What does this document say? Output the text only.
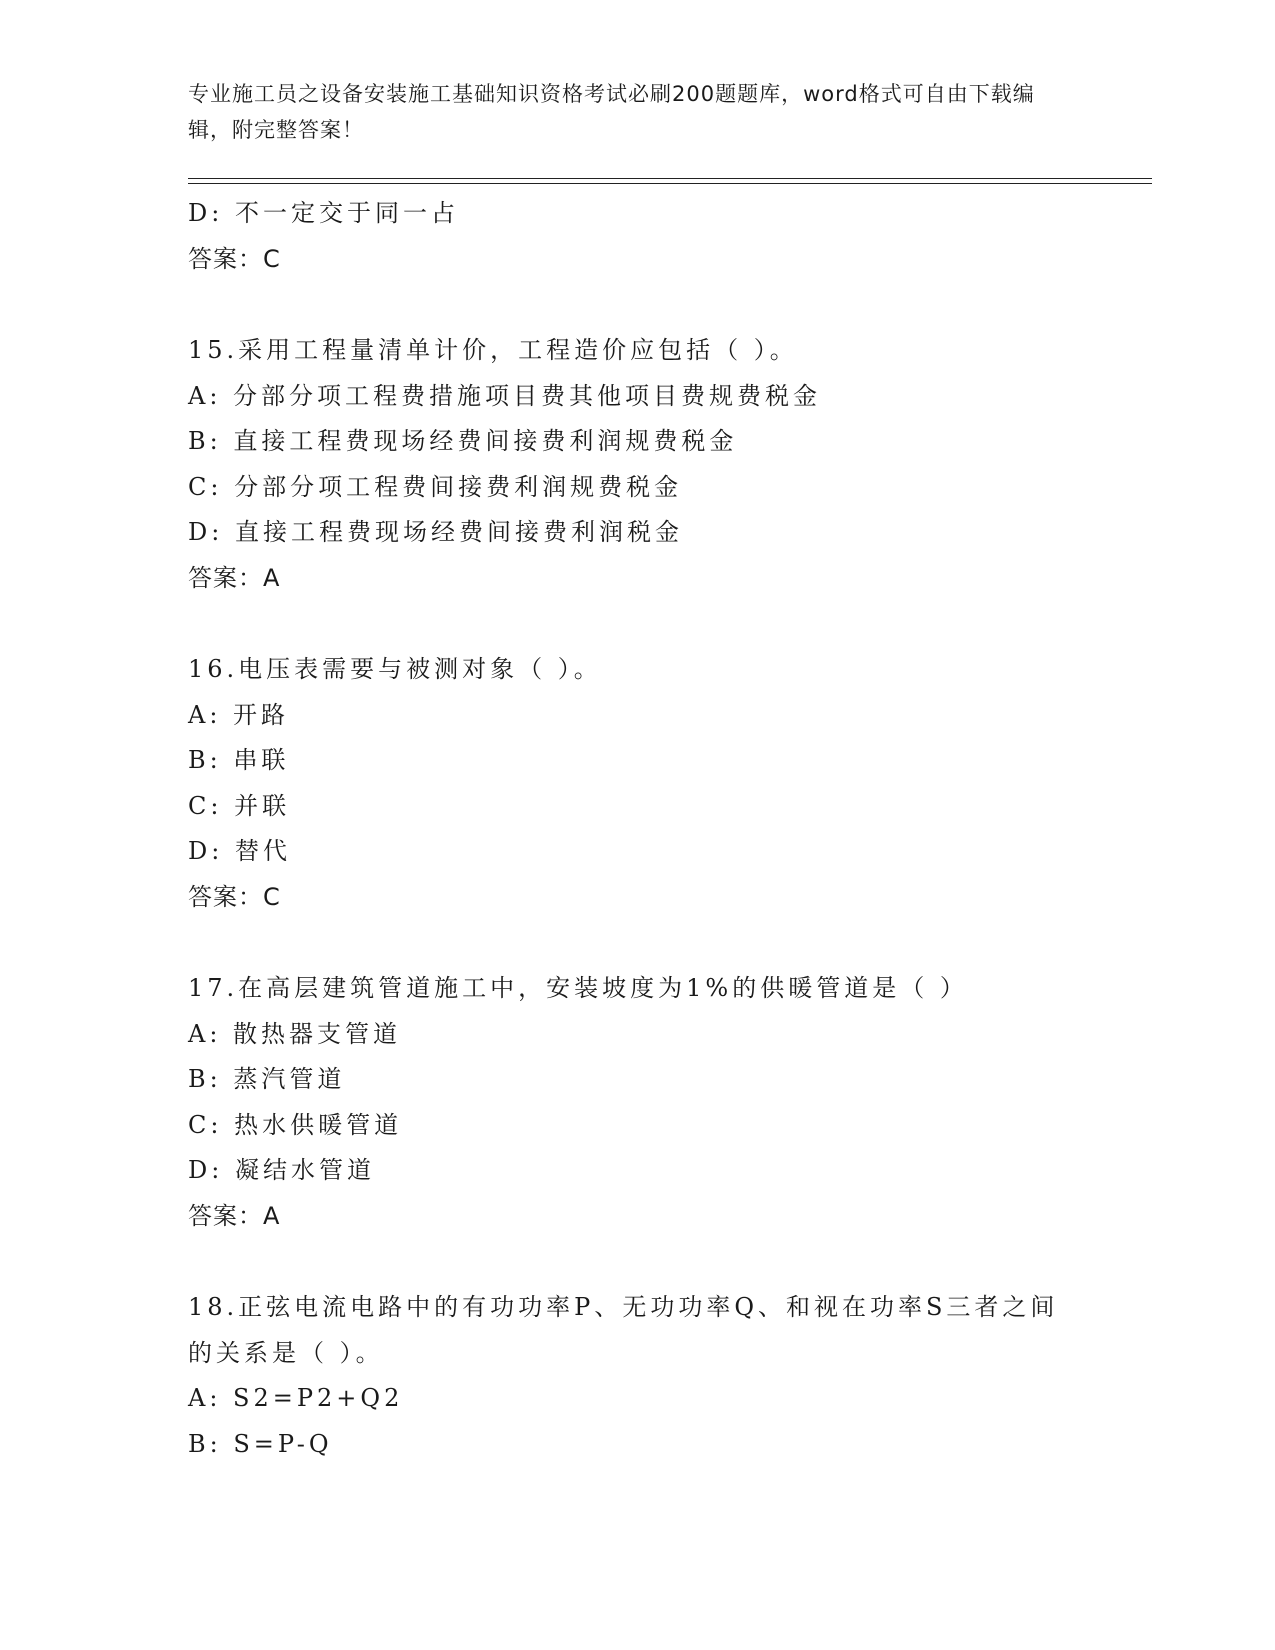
专业施工员之设备安装施工基础知识资格考试必刷200题题库，word格式可自由下载编辑，附完整答案！
D: 不一定交于同一占
答案：C
15.采用工程量清单计价，工程造价应包括（ ）。
A: 分部分项工程费措施项目费其他项目费规费税金
B: 直接工程费现场经费间接费利润规费税金
C: 分部分项工程费间接费利润规费税金
D: 直接工程费现场经费间接费利润税金
答案：A
16.电压表需要与被测对象（ ）。
A: 开路
B: 串联
C: 并联
D: 替代
答案：C
17.在高层建筑管道施工中，安装坡度为1%的供暖管道是（ ）
A: 散热器支管道
B: 蒸汽管道
C: 热水供暖管道
D: 凝结水管道
答案：A
18.正弦电流电路中的有功功率P、无功功率Q、和视在功率S三者之间的关系是（ ）。
A: S2=P2+Q2
B: S=P-Q
